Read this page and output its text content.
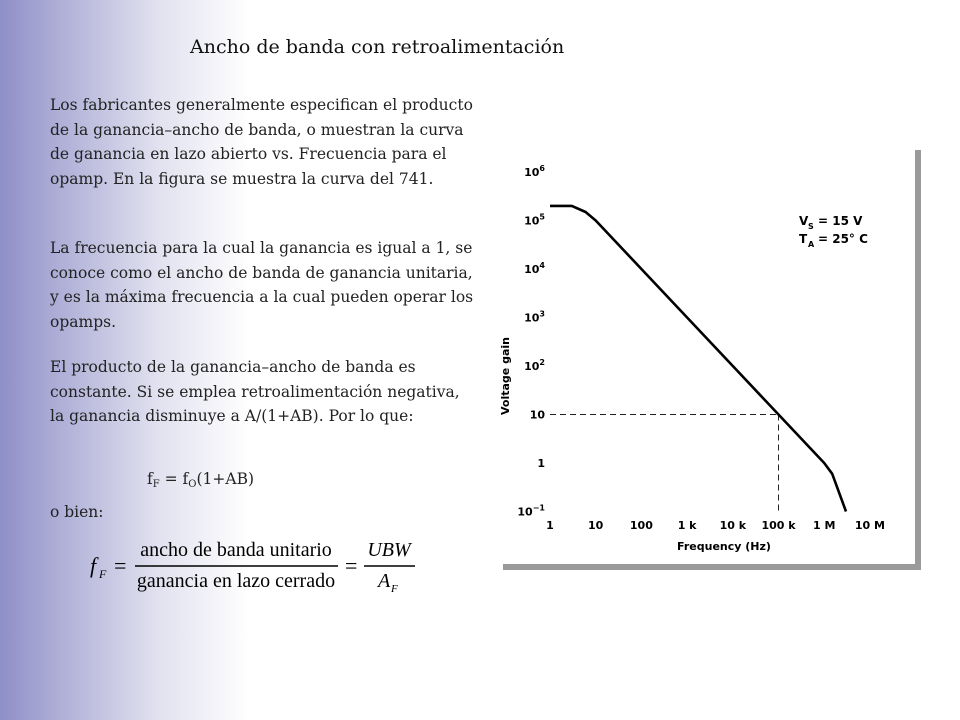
Ancho de banda con retroalimentación

Los fabricantes generalmente especifican el producto de la ganancia–ancho de banda, o muestran la curva de ganancia en lazo abierto vs. Frecuencia para el opamp. En la figura se muestra la curva del 741.

La frecuencia para la cual la ganancia es igual a 1, se conoce como el ancho de banda de ganancia unitaria, y es la máxima frecuencia a la cual pueden operar los opamps.

El producto de la ganancia–ancho de banda es constante. Si se emplea retroalimentación negativa, la ganancia disminuye a A/(1+AB). Por lo que:

$f_F = f_O(1+AB)$
o bien:
f F =
ancho de banda unitario
ganancia en lazo cerrado
=
UBW
A F
$10^6$
$10^5$
$10^4$
$10^3$
$10^2$
10
1
$10^{-1}$
1	10 100 1 k 10 k 100 k 1 M 10 M
Voltage gain
Frequency (Hz)
V S = 15 V
T A = 25° C
